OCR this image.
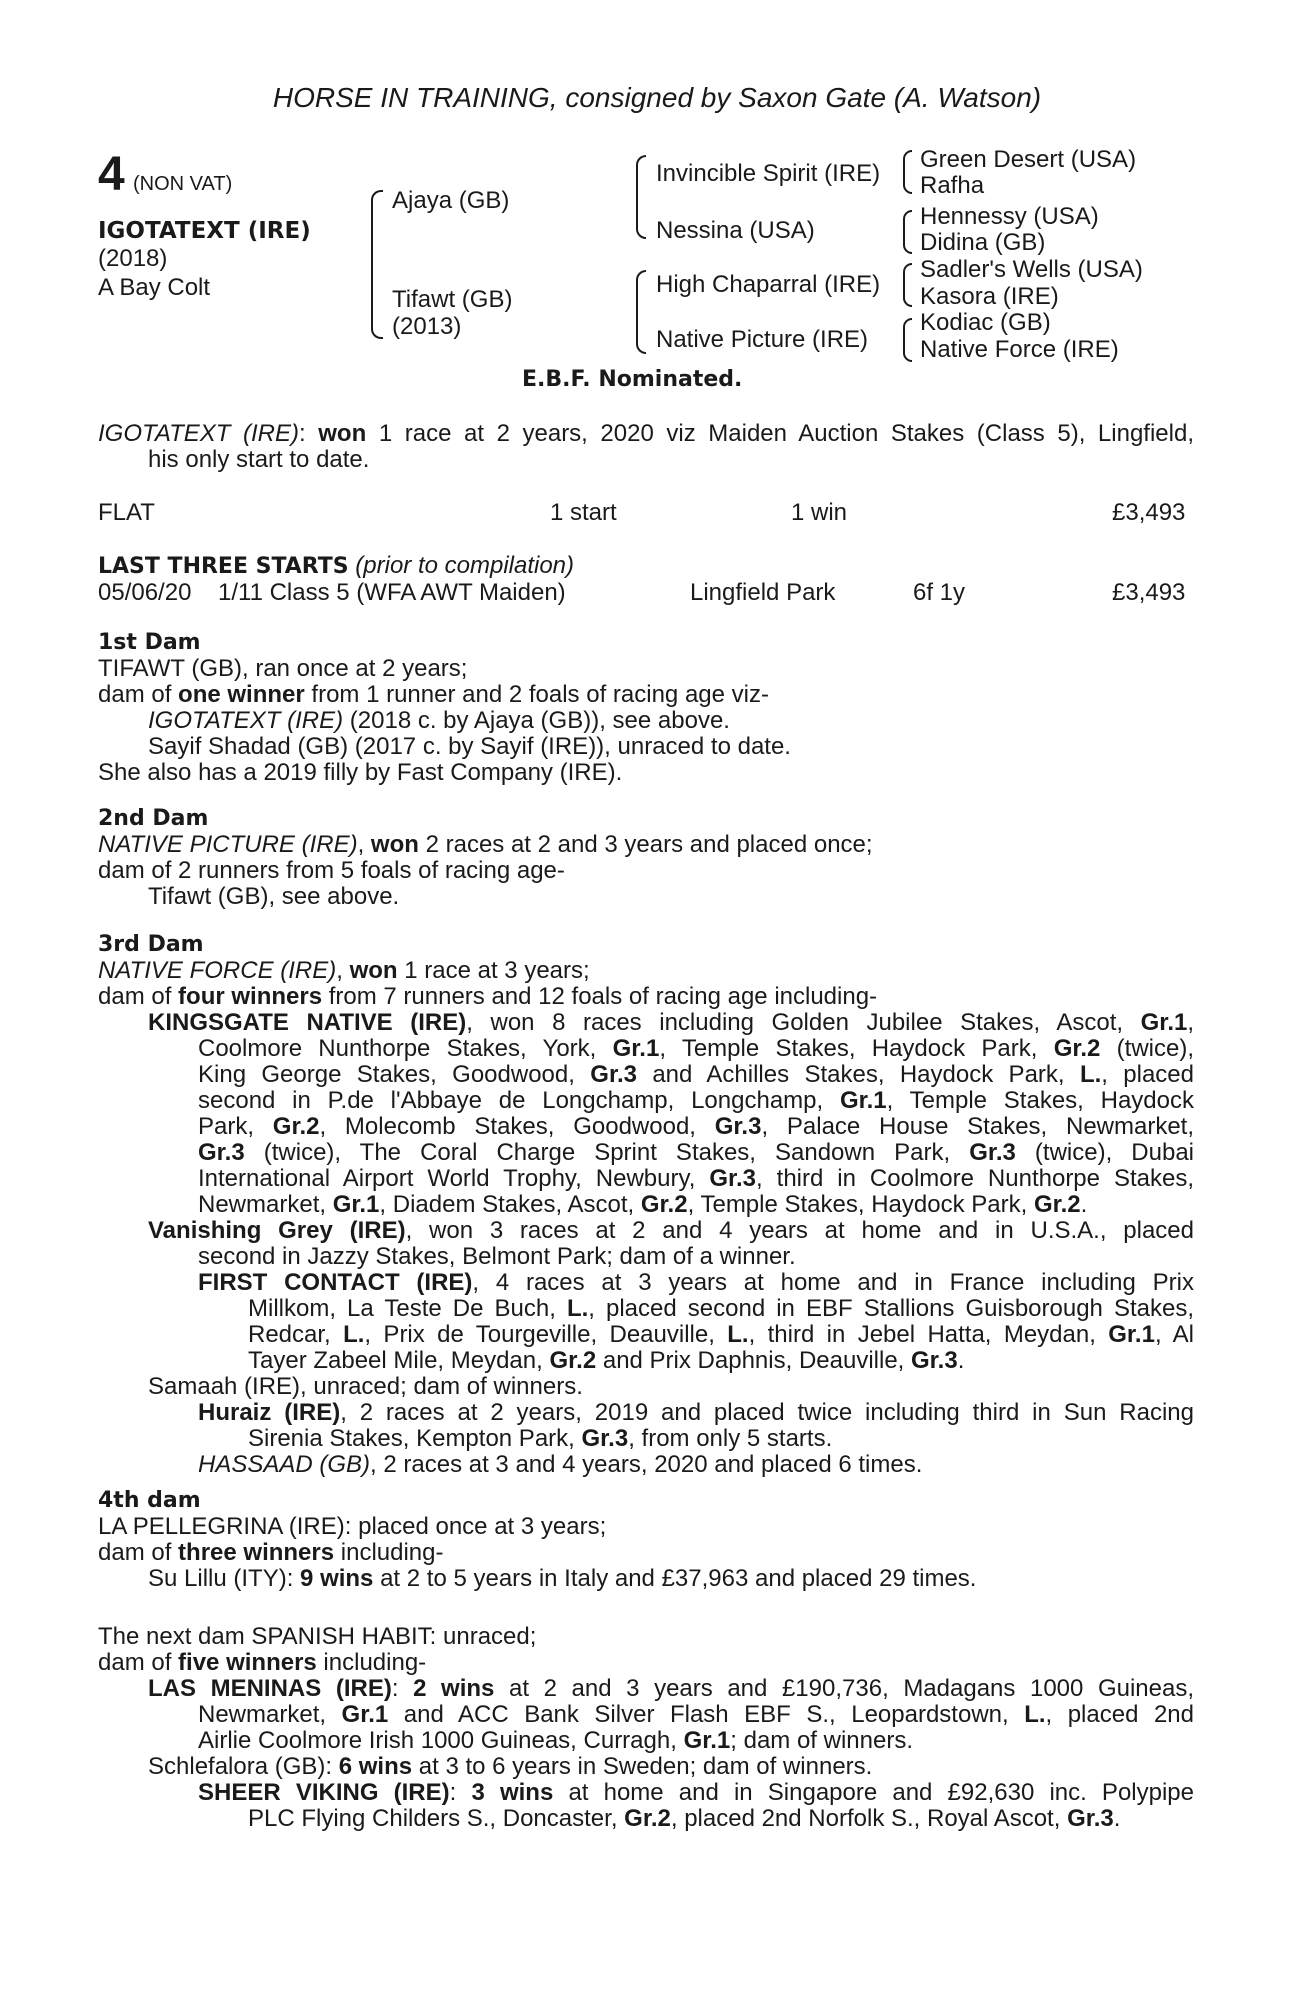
HORSE IN TRAINING, consigned by Saxon Gate (A. Watson)
4 (NON VAT)
IGOTATEXT (IRE)
(2018)
A Bay Colt
Ajaya (GB)
Tifawt (GB)
(2013)
Invincible Spirit (IRE)
Nessina (USA)
High Chaparral (IRE)
Native Picture (IRE)
Green Desert (USA)
Rafha
Hennessy (USA)
Didina (GB)
Sadler's Wells (USA)
Kasora (IRE)
Kodiac (GB)
Native Force (IRE)
E.B.F. Nominated.
IGOTATEXT (IRE): won 1 race at 2 years, 2020 viz Maiden Auction Stakes (Class 5), Lingfield,
his only start to date.
FLAT	1 start	1 win	£3,493
LAST THREE STARTS (prior to compilation)
05/06/20 1/11 Class 5 (WFA AWT Maiden)	Lingfield Park	6f 1y	£3,493
1st Dam
TIFAWT (GB), ran once at 2 years;
dam of one winner from 1 runner and 2 foals of racing age viz-
IGOTATEXT (IRE) (2018 c. by Ajaya (GB)), see above.
Sayif Shadad (GB) (2017 c. by Sayif (IRE)), unraced to date.
She also has a 2019 filly by Fast Company (IRE).
2nd Dam
NATIVE PICTURE (IRE), won 2 races at 2 and 3 years and placed once;
dam of 2 runners from 5 foals of racing age-
Tifawt (GB), see above.
3rd Dam
NATIVE FORCE (IRE), won 1 race at 3 years;
dam of four winners from 7 runners and 12 foals of racing age including-
KINGSGATE NATIVE (IRE), won 8 races including Golden Jubilee Stakes, Ascot, Gr.1,
Coolmore Nunthorpe Stakes, York, Gr.1, Temple Stakes, Haydock Park, Gr.2 (twice),
King George Stakes, Goodwood, Gr.3 and Achilles Stakes, Haydock Park, L., placed
second in P.de l'Abbaye de Longchamp, Longchamp, Gr.1, Temple Stakes, Haydock
Park, Gr.2, Molecomb Stakes, Goodwood, Gr.3, Palace House Stakes, Newmarket,
Gr.3 (twice), The Coral Charge Sprint Stakes, Sandown Park, Gr.3 (twice), Dubai
International Airport World Trophy, Newbury, Gr.3, third in Coolmore Nunthorpe Stakes,
Newmarket, Gr.1, Diadem Stakes, Ascot, Gr.2, Temple Stakes, Haydock Park, Gr.2.
Vanishing Grey (IRE), won 3 races at 2 and 4 years at home and in U.S.A., placed
second in Jazzy Stakes, Belmont Park; dam of a winner.
FIRST CONTACT (IRE), 4 races at 3 years at home and in France including Prix
Millkom, La Teste De Buch, L., placed second in EBF Stallions Guisborough Stakes,
Redcar, L., Prix de Tourgeville, Deauville, L., third in Jebel Hatta, Meydan, Gr.1, Al
Tayer Zabeel Mile, Meydan, Gr.2 and Prix Daphnis, Deauville, Gr.3.
Samaah (IRE), unraced; dam of winners.
Huraiz (IRE), 2 races at 2 years, 2019 and placed twice including third in Sun Racing
Sirenia Stakes, Kempton Park, Gr.3, from only 5 starts.
HASSAAD (GB), 2 races at 3 and 4 years, 2020 and placed 6 times.
4th dam
LA PELLEGRINA (IRE): placed once at 3 years;
dam of three winners including-
Su Lillu (ITY): 9 wins at 2 to 5 years in Italy and £37,963 and placed 29 times.
The next dam SPANISH HABIT: unraced;
dam of five winners including-
LAS MENINAS (IRE): 2 wins at 2 and 3 years and £190,736, Madagans 1000 Guineas,
Newmarket, Gr.1 and ACC Bank Silver Flash EBF S., Leopardstown, L., placed 2nd
Airlie Coolmore Irish 1000 Guineas, Curragh, Gr.1; dam of winners.
Schlefalora (GB): 6 wins at 3 to 6 years in Sweden; dam of winners.
SHEER VIKING (IRE): 3 wins at home and in Singapore and £92,630 inc. Polypipe
PLC Flying Childers S., Doncaster, Gr.2, placed 2nd Norfolk S., Royal Ascot, Gr.3.
